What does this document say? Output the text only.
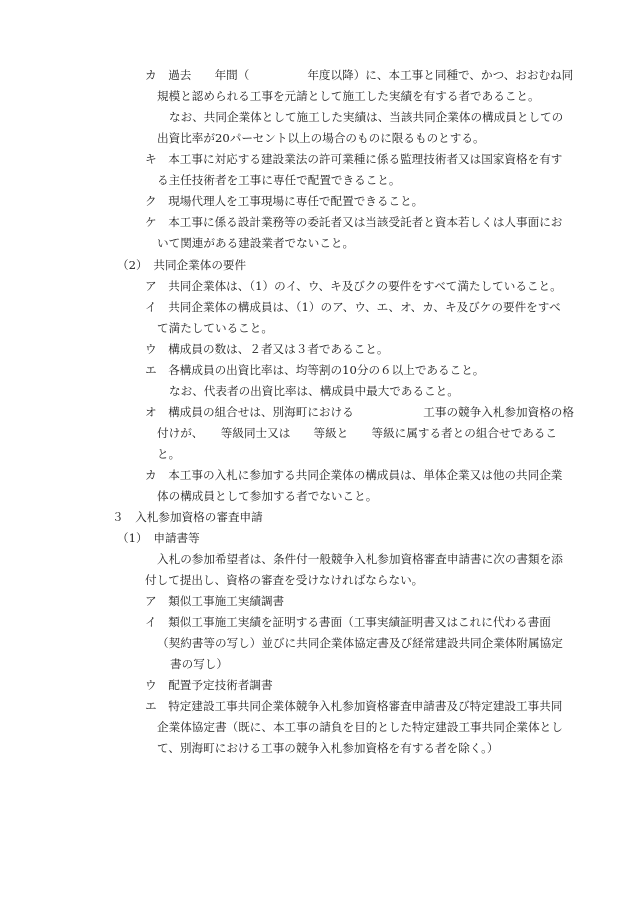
カ　過去　　年間（　　　　　年度以降）に、本工事と同種で、かつ、おおむね同
規模と認められる工事を元請として施工した実績を有する者であること。
なお、共同企業体として施工した実績は、当該共同企業体の構成員としての
出資比率が20パーセント以上の場合のものに限るものとする。
キ　本工事に対応する建設業法の許可業種に係る監理技術者又は国家資格を有す
る主任技術者を工事に専任で配置できること。
ク　現場代理人を工事現場に専任で配置できること。
ケ　本工事に係る設計業務等の委託者又は当該受託者と資本若しくは人事面にお
いて関連がある建設業者でないこと。
（2）　共同企業体の要件
ア　共同企業体は、（1）のイ、ウ、キ及びクの要件をすべて満たしていること。
イ　共同企業体の構成員は、（1）のア、ウ、エ、オ、カ、キ及びケの要件をすべ
て満たしていること。
ウ　構成員の数は、２者又は３者であること。
エ　各構成員の出資比率は、均等割の10分の６以上であること。
なお、代表者の出資比率は、構成員中最大であること。
オ　構成員の組合せは、別海町における　　　　　　工事の競争入札参加資格の格
付けが、　　等級同士又は　　等級と　　等級に属する者との組合せであるこ
と。
カ　本工事の入札に参加する共同企業体の構成員は、単体企業又は他の共同企業
体の構成員として参加する者でないこと。
３　入札参加資格の審査申請
（1）　申請書等
入札の参加希望者は、条件付一般競争入札参加資格審査申請書に次の書類を添
付して提出し、資格の審査を受けなければならない。
ア　類似工事施工実績調書
イ　類似工事施工実績を証明する書面（工事実績証明書又はこれに代わる書面
（契約書等の写し）並びに共同企業体協定書及び経常建設共同企業体附属協定
書の写し）
ウ　配置予定技術者調書
エ　特定建設工事共同企業体競争入札参加資格審査申請書及び特定建設工事共同
企業体協定書（既に、本工事の請負を目的とした特定建設工事共同企業体とし
て、別海町における工事の競争入札参加資格を有する者を除く。）
